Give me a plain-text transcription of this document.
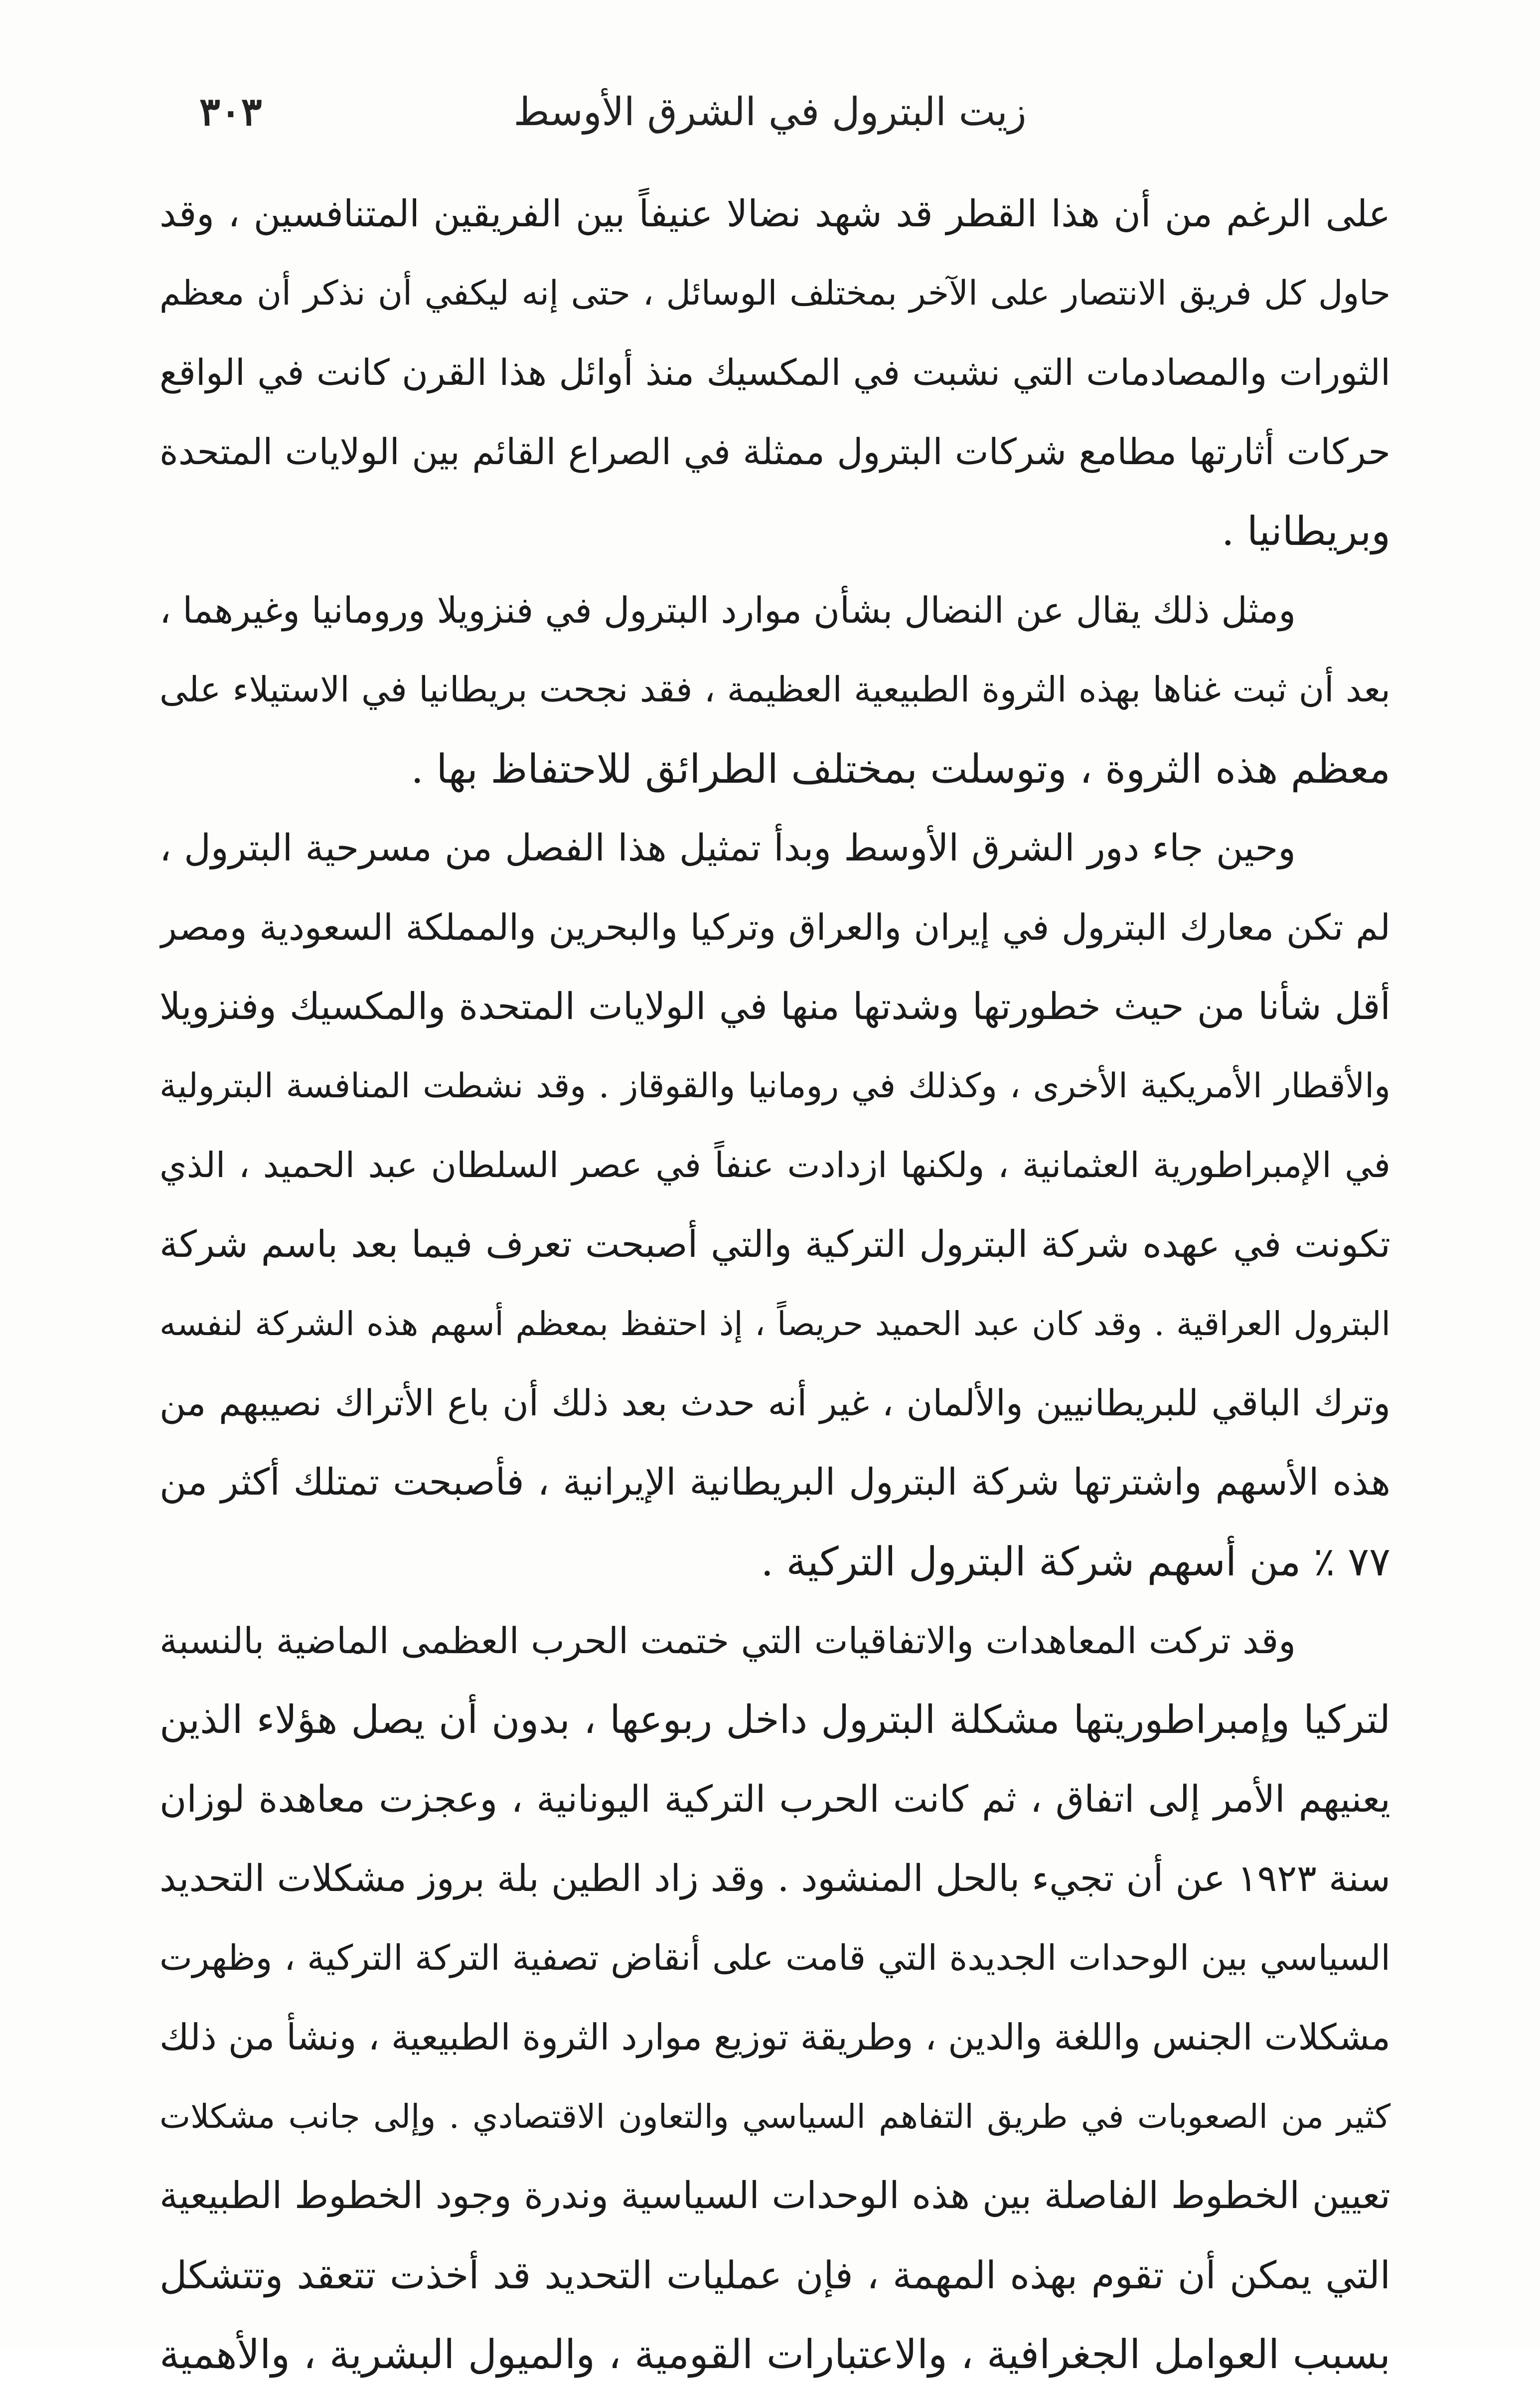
٣٠٣	زيت البترول في الشرق الأوسط
على الرغم من أن هذا القطر قد شهد نضالا عنيفاً بين الفريقين المتنافسين ، وقد
حاول كل فريق الانتصار على الآخر بمختلف الوسائل ، حتى إنه ليكفي أن نذكر أن معظم
الثورات والمصادمات التي نشبت في المكسيك منذ أوائل هذا القرن كانت في الواقع
حركات أثارتها مطامع شركات البترول ممثلة في الصراع القائم بين الولايات المتحدة
وبريطانيا .
ومثل ذلك يقال عن النضال بشأن موارد البترول في فنزويلا ورومانيا وغيرهما ،
بعد أن ثبت غناها بهذه الثروة الطبيعية العظيمة ، فقد نجحت بريطانيا في الاستيلاء على
معظم هذه الثروة ، وتوسلت بمختلف الطرائق للاحتفاظ بها .
وحين جاء دور الشرق الأوسط وبدأ تمثيل هذا الفصل من مسرحية البترول ،
لم تكن معارك البترول في إيران والعراق وتركيا والبحرين والمملكة السعودية ومصر
أقل شأنا من حيث خطورتها وشدتها منها في الولايات المتحدة والمكسيك وفنزويلا
والأقطار الأمريكية الأخرى ، وكذلك في رومانيا والقوقاز . وقد نشطت المنافسة البترولية
في الإمبراطورية العثمانية ، ولكنها ازدادت عنفاً في عصر السلطان عبد الحميد ، الذي
تكونت في عهده شركة البترول التركية والتي أصبحت تعرف فيما بعد باسم شركة
البترول العراقية . وقد كان عبد الحميد حريصاً ، إذ احتفظ بمعظم أسهم هذه الشركة لنفسه
وترك الباقي للبريطانيين والألمان ، غير أنه حدث بعد ذلك أن باع الأتراك نصيبهم من
هذه الأسهم واشترتها شركة البترول البريطانية الإيرانية ، فأصبحت تمتلك أكثر من
٧٧ ٪ من أسهم شركة البترول التركية .
وقد تركت المعاهدات والاتفاقيات التي ختمت الحرب العظمى الماضية بالنسبة
لتركيا وإمبراطوريتها مشكلة البترول داخل ربوعها ، بدون أن يصل هؤلاء الذين
يعنيهم الأمر إلى اتفاق ، ثم كانت الحرب التركية اليونانية ، وعجزت معاهدة لوزان
سنة ١٩٢٣ عن أن تجيء بالحل المنشود . وقد زاد الطين بلة بروز مشكلات التحديد
السياسي بين الوحدات الجديدة التي قامت على أنقاض تصفية التركة التركية ، وظهرت
مشكلات الجنس واللغة والدين ، وطريقة توزيع موارد الثروة الطبيعية ، ونشأ من ذلك
كثير من الصعوبات في طريق التفاهم السياسي والتعاون الاقتصادي . وإلى جانب مشكلات
تعيين الخطوط الفاصلة بين هذه الوحدات السياسية وندرة وجود الخطوط الطبيعية
التي يمكن أن تقوم بهذه المهمة ، فإن عمليات التحديد قد أخذت تتعقد وتتشكل
بسبب العوامل الجغرافية ، والاعتبارات القومية ، والميول البشرية ، والأهمية
